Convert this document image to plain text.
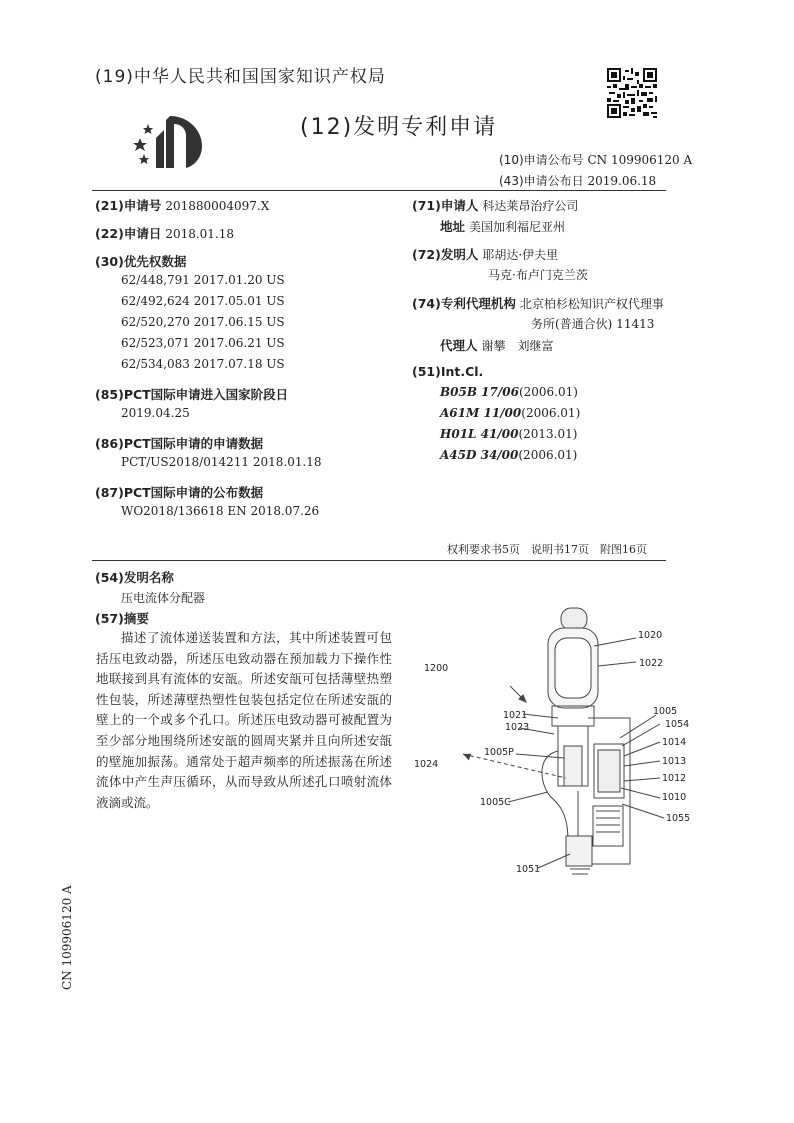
(19)中华人民共和国国家知识产权局
(12)发明专利申请
(10)申请公布号 CN 109906120 A
(43)申请公布日 2019.06.18
(21)申请号 201880004097.X
(22)申请日 2018.01.18
(30)优先权数据
62/448,791 2017.01.20 US
62/492,624 2017.05.01 US
62/520,270 2017.06.15 US
62/523,071 2017.06.21 US
62/534,083 2017.07.18 US
(85)PCT国际申请进入国家阶段日
2019.04.25
(86)PCT国际申请的申请数据
PCT/US2018/014211 2018.01.18
(87)PCT国际申请的公布数据
WO2018/136618 EN 2018.07.26
(71)申请人 科达莱昂治疗公司
地址 美国加利福尼亚州
(72)发明人 耶胡达·伊夫里
马克·布卢门克兰茨
(74)专利代理机构 北京柏杉松知识产权代理事
务所(普通合伙) 11413
代理人 谢攀　刘继富
(51)Int.Cl.
B05B 17/06(2006.01)
A61M 11/00(2006.01)
H01L 41/00(2013.01)
A45D 34/00(2006.01)
权利要求书5页　说明书17页　附图16页
(54)发明名称
压电流体分配器
(57)摘要

描述了流体递送装置和方法，其中所述装置可包括压电致动器，所述压电致动器在预加载力下操作性地联接到具有流体的安瓿。所述安瓿可包括薄壁热塑性包装，所述薄壁热塑性包装包括定位在所述安瓿的壁上的一个或多个孔口。所述压电致动器可被配置为至少部分地围绕所述安瓿的圆周夹紧并且向所述安瓿的壁施加振荡。通常处于超声频率的所述振荡在所述流体中产生声压循环，从而导致从所述孔口喷射流体液滴或流。

1020
1022
1200
1021
1023
1005
1054
1014
1005P
1024	1013
1012
1010
1005C
1055
1051
CN 109906120 A
